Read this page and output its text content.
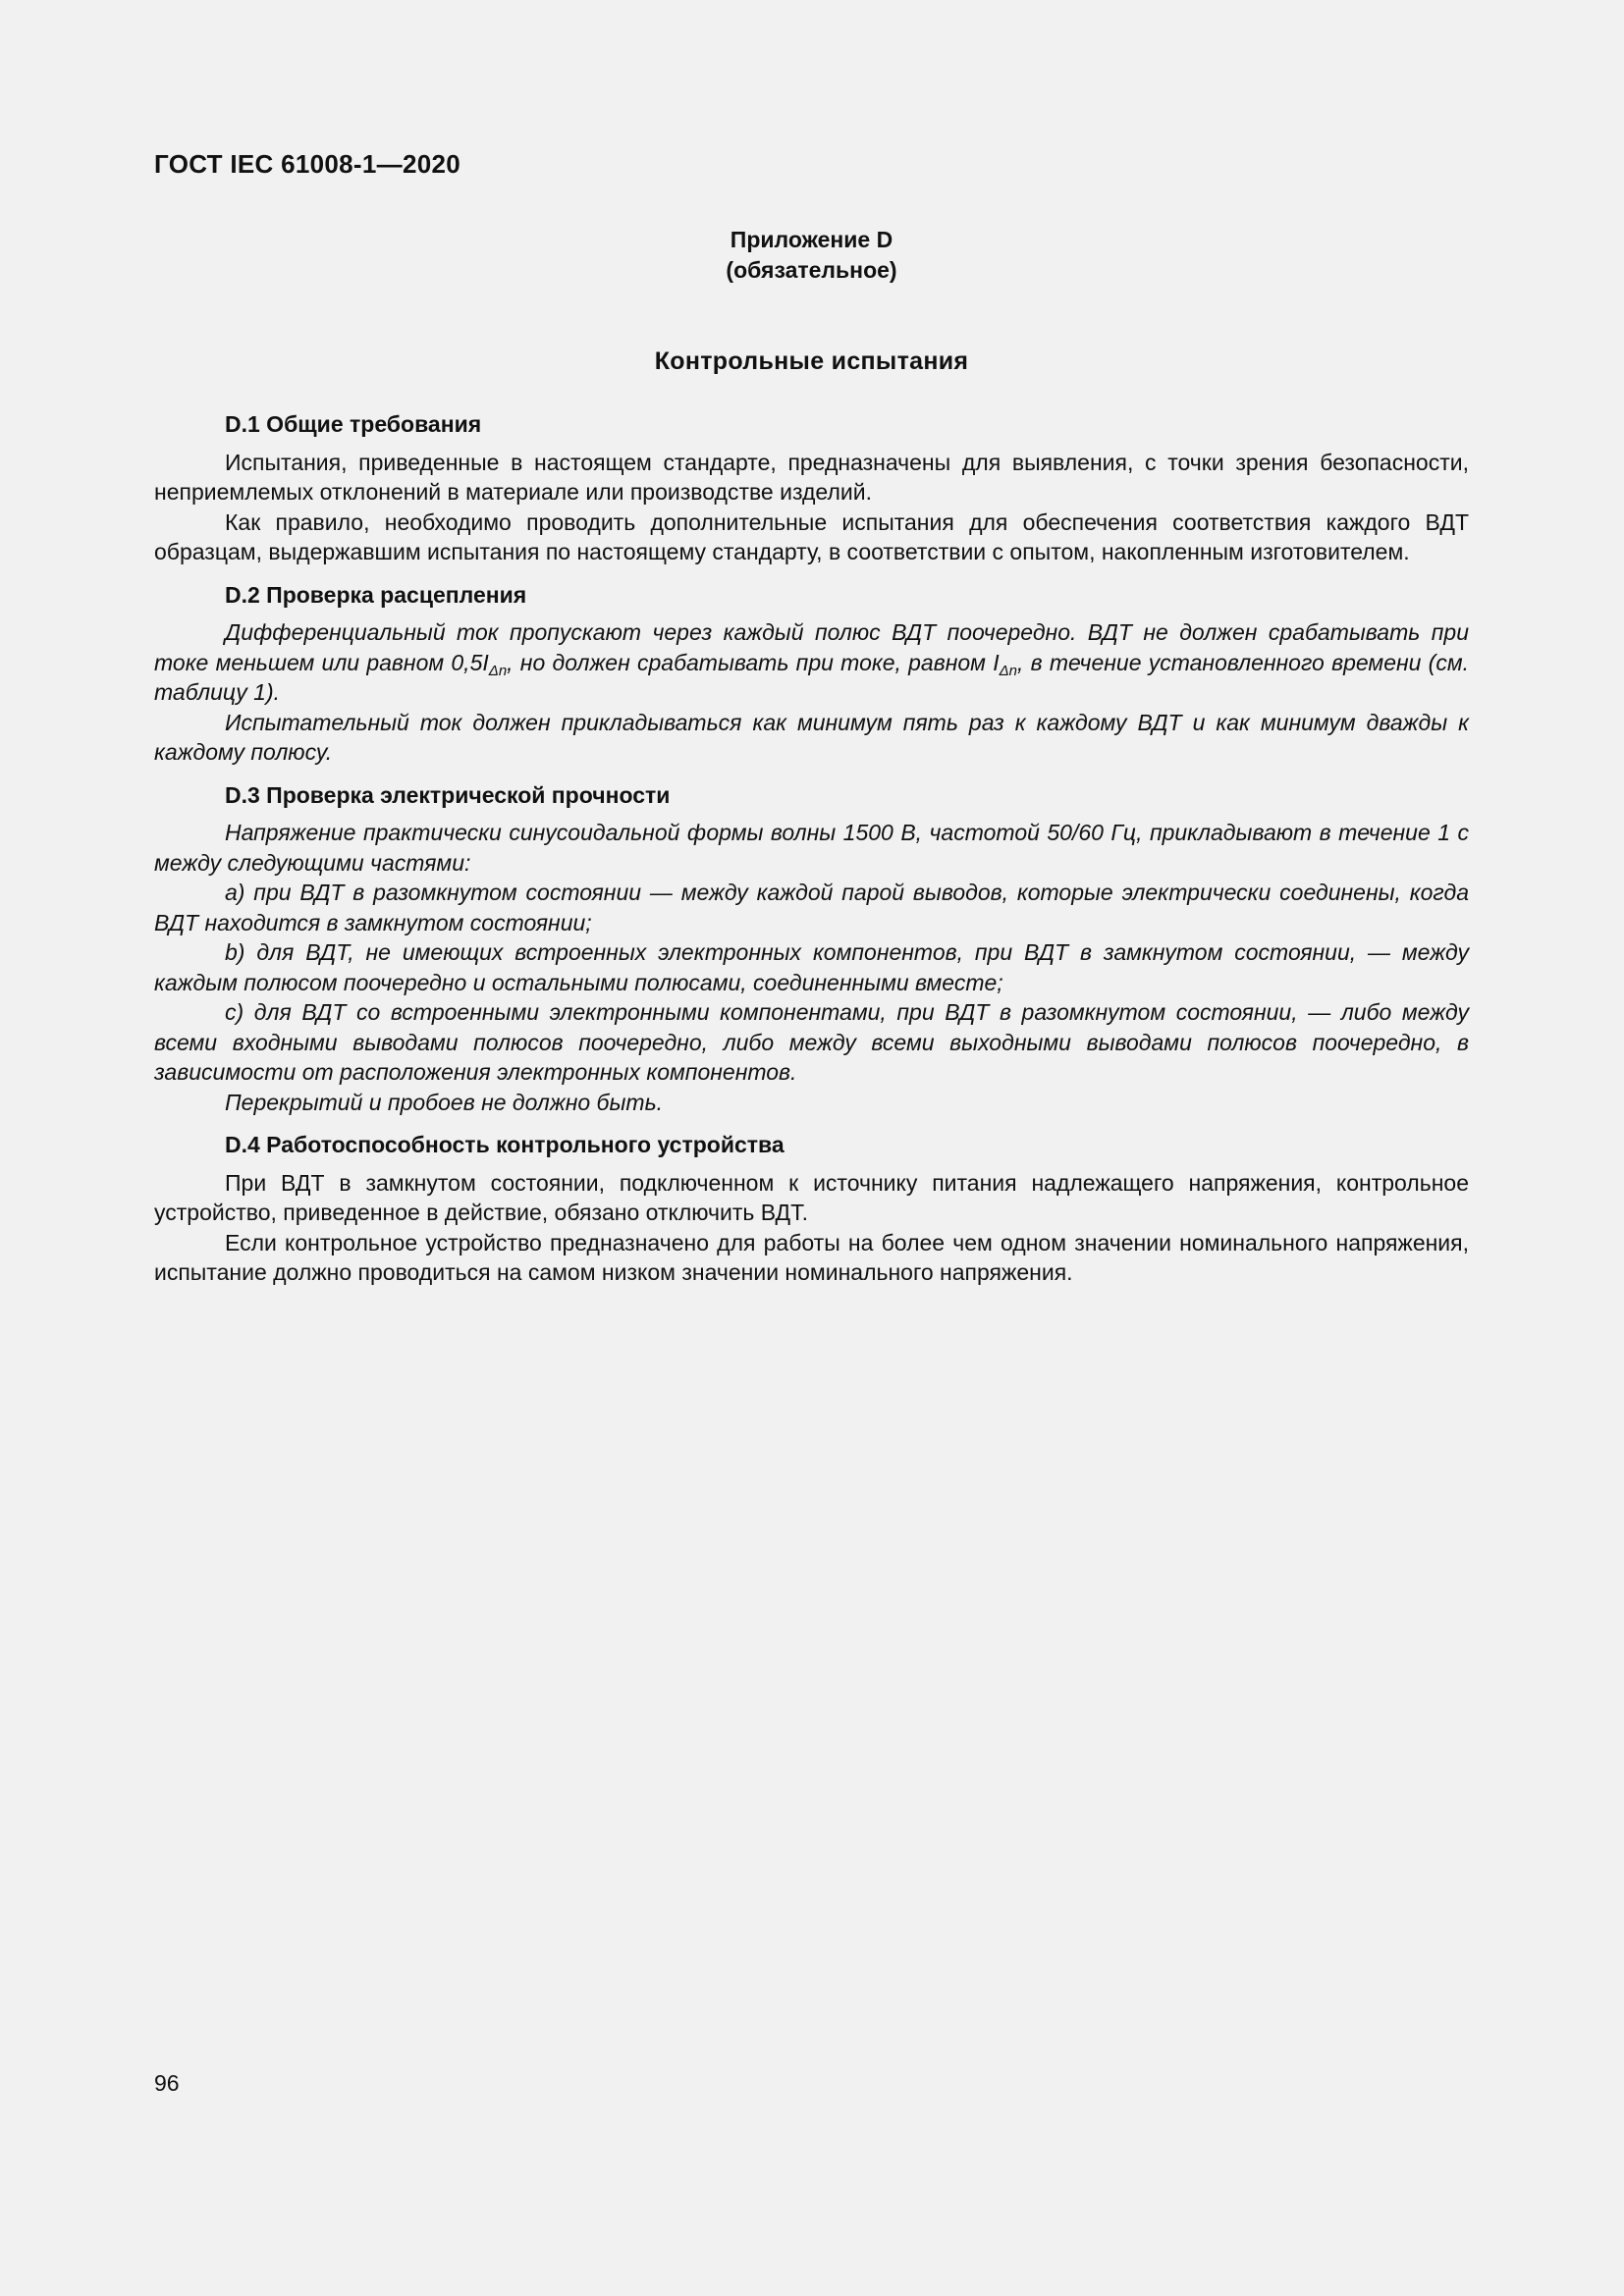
ГОСТ IEC 61008-1—2020
Приложение D
(обязательное)
Контрольные испытания
D.1 Общие требования

Испытания, приведенные в настоящем стандарте, предназначены для выявления, с точки зрения безопасности, неприемлемых отклонений в материале или производстве изделий.

Как правило, необходимо проводить дополнительные испытания для обеспечения соответствия каждого ВДТ образцам, выдержавшим испытания по настоящему стандарту, в соответствии с опытом, накопленным изготовителем.

D.2 Проверка расцепления

Дифференциальный ток пропускают через каждый полюс ВДТ поочередно. ВДТ не должен срабатывать при токе меньшем или равном $0,5I_{\Delta n}$, но должен срабатывать при токе, равном $I_{\Delta n}$, в течение установленного времени (см. таблицу 1).

Испытательный ток должен прикладываться как минимум пять раз к каждому ВДТ и как минимум дважды к каждому полюсу.

D.3 Проверка электрической прочности

Напряжение практически синусоидальной формы волны 1500 В, частотой 50/60 Гц, прикладывают в течение 1 с между следующими частями:

a) при ВДТ в разомкнутом состоянии — между каждой парой выводов, которые электрически соединены, когда ВДТ находится в замкнутом состоянии;

b) для ВДТ, не имеющих встроенных электронных компонентов, при ВДТ в замкнутом состоянии, — между каждым полюсом поочередно и остальными полюсами, соединенными вместе;

c) для ВДТ со встроенными электронными компонентами, при ВДТ в разомкнутом состоянии, — либо между всеми входными выводами полюсов поочередно, либо между всеми выходными выводами полюсов поочередно, в зависимости от расположения электронных компонентов.

Перекрытий и пробоев не должно быть.

D.4 Работоспособность контрольного устройства

При ВДТ в замкнутом состоянии, подключенном к источнику питания надлежащего напряжения, контрольное устройство, приведенное в действие, обязано отключить ВДТ.

Если контрольное устройство предназначено для работы на более чем одном значении номинального напряжения, испытание должно проводиться на самом низком значении номинального напряжения.

96
